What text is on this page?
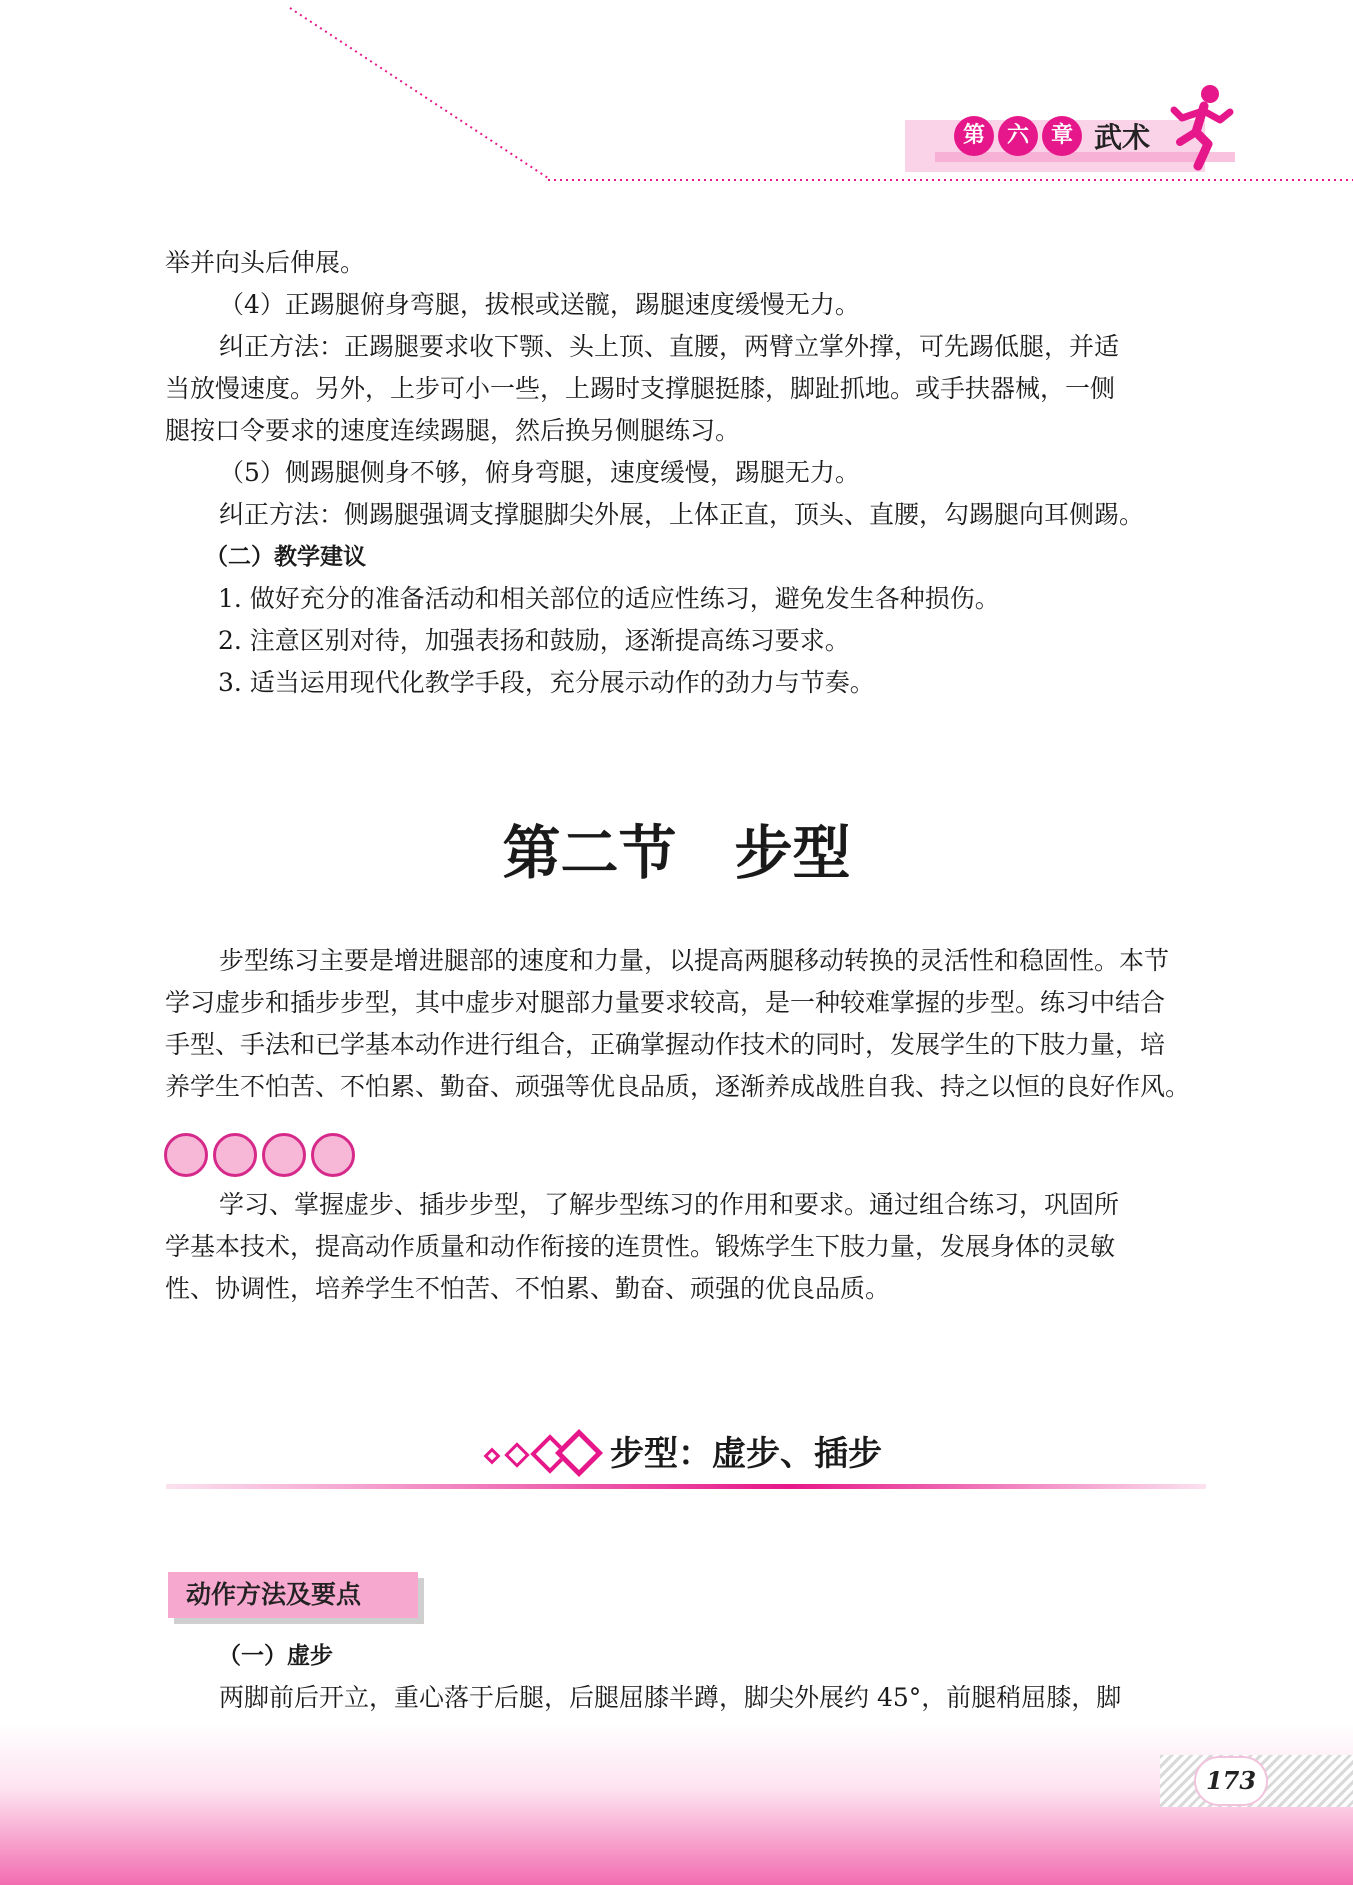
第 六 章 武术
举并向头后伸展。
（4）正踢腿俯身弯腿，拔根或送髋，踢腿速度缓慢无力。
纠正方法：正踢腿要求收下颚、头上顶、直腰，两臂立掌外撑，可先踢低腿，并适
当放慢速度。另外，上步可小一些，上踢时支撑腿挺膝，脚趾抓地。或手扶器械，一侧
腿按口令要求的速度连续踢腿，然后换另侧腿练习。
（5）侧踢腿侧身不够，俯身弯腿，速度缓慢，踢腿无力。
纠正方法：侧踢腿强调支撑腿脚尖外展，上体正直，顶头、直腰，勾踢腿向耳侧踢。
（二）教学建议
1. 做好充分的准备活动和相关部位的适应性练习，避免发生各种损伤。
2. 注意区别对待，加强表扬和鼓励，逐渐提高练习要求。
3. 适当运用现代化教学手段，充分展示动作的劲力与节奏。
第二节　步型
步型练习主要是增进腿部的速度和力量，以提高两腿移动转换的灵活性和稳固性。本节
学习虚步和插步步型，其中虚步对腿部力量要求较高，是一种较难掌握的步型。练习中结合
手型、手法和已学基本动作进行组合，正确掌握动作技术的同时，发展学生的下肢力量，培
养学生不怕苦、不怕累、勤奋、顽强等优良品质，逐渐养成战胜自我、持之以恒的良好作风。
学习、掌握虚步、插步步型，了解步型练习的作用和要求。通过组合练习，巩固所
学基本技术，提高动作质量和动作衔接的连贯性。锻炼学生下肢力量，发展身体的灵敏
性、协调性，培养学生不怕苦、不怕累、勤奋、顽强的优良品质。
步型：虚步、插步
动作方法及要点
（一）虚步
两脚前后开立，重心落于后腿，后腿屈膝半蹲，脚尖外展约 45°，前腿稍屈膝，脚
173
